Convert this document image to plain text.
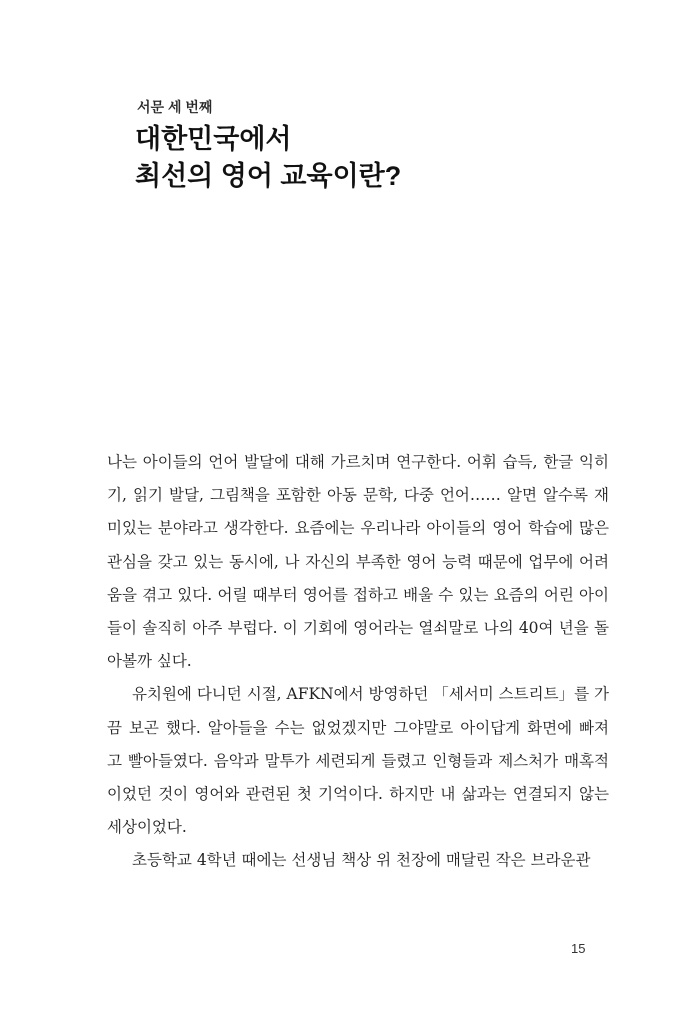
서문 세 번째
대한민국에서
최선의 영어 교육이란?

나는 아이들의 언어 발달에 대해 가르치며 연구한다. 어휘 습득, 한글 익히기, 읽기 발달, 그림책을 포함한 아동 문학, 다중 언어…… 알면 알수록 재미있는 분야라고 생각한다. 요즘에는 우리나라 아이들의 영어 학습에 많은 관심을 갖고 있는 동시에, 나 자신의 부족한 영어 능력 때문에 업무에 어려움을 겪고 있다. 어릴 때부터 영어를 접하고 배울 수 있는 요즘의 어린 아이들이 솔직히 아주 부럽다. 이 기회에 영어라는 열쇠말로 나의 40여 년을 돌아볼까 싶다.

유치원에 다니던 시절, AFKN에서 방영하던 「세서미 스트리트」를 가끔 보곤 했다. 알아들을 수는 없었겠지만 그야말로 아이답게 화면에 빠져 고 빨아들였다. 음악과 말투가 세련되게 들렸고 인형들과 제스처가 매혹적이었던 것이 영어와 관련된 첫 기억이다. 하지만 내 삶과는 연결되지 않는 세상이었다.

초등학교 4학년 때에는 선생님 책상 위 천장에 매달린 작은 브라운관

15
